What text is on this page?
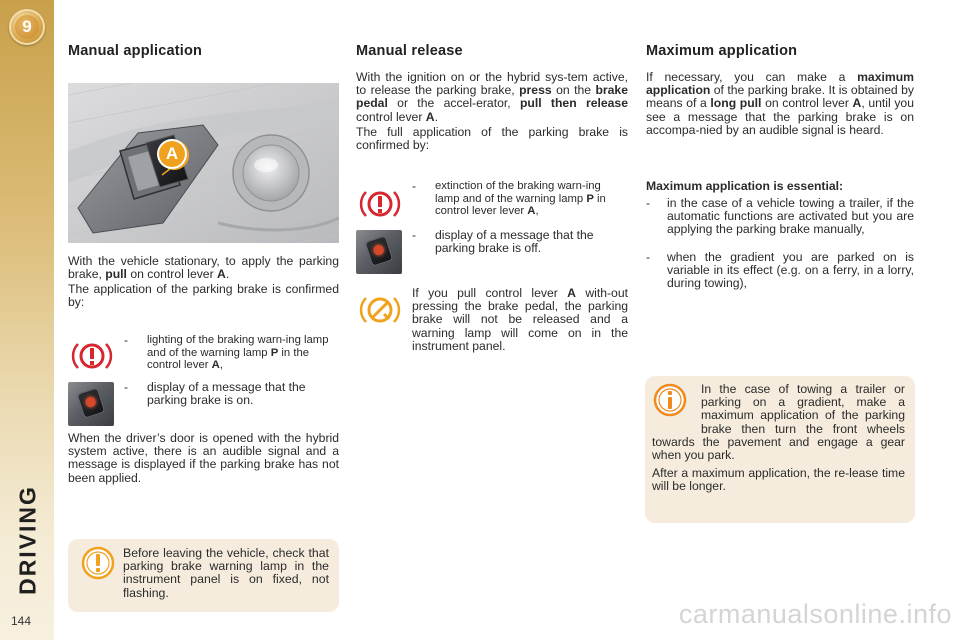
9
DRIVING
144
Manual application
A

With the vehicle stationary, to apply the parking brake, pull on control lever A.

The application of the parking brake is confirmed by:

- lighting of the braking warn-ing lamp and of the warning lamp P in the control lever A,
- display of a message that the parking brake is on.

When the driver’s door is opened with the hybrid system active, there is an audible signal and a message is displayed if the parking brake has not been applied.

Before leaving the vehicle, check that parking brake warning lamp in the instrument panel is on fixed, not flashing.

Manual release

With the ignition on or the hybrid sys-tem active, to release the parking brake, press on the brake pedal or the accel-erator, pull then release control lever A.

The full application of the parking brake is confirmed by:

- extinction of the braking warn-ing lamp and of the warning lamp P in control lever lever A,
- display of a message that the parking brake is off.

If you pull control lever A with-out pressing the brake pedal, the parking brake will not be released and a warning lamp will come on in the instrument panel.

Maximum application

If necessary, you can make a maximum application of the parking brake. It is obtained by means of a long pull on control lever A, until you see a message that the parking brake is on accompa-nied by an audible signal is heard.

Maximum application is essential:

- in the case of a vehicle towing a trailer, if the automatic functions are activated but you are applying the parking brake manually,
- when the gradient you are parked on is variable in its effect (e.g. on a ferry, in a lorry, during towing),
In the case of towing a trailer or parking on a gradient, make a maximum application of the parking brake then turn the front wheels towards the pavement and engage a gear when you park.
After a maximum application, the re-lease time will be longer.
carmanualsonline.info
